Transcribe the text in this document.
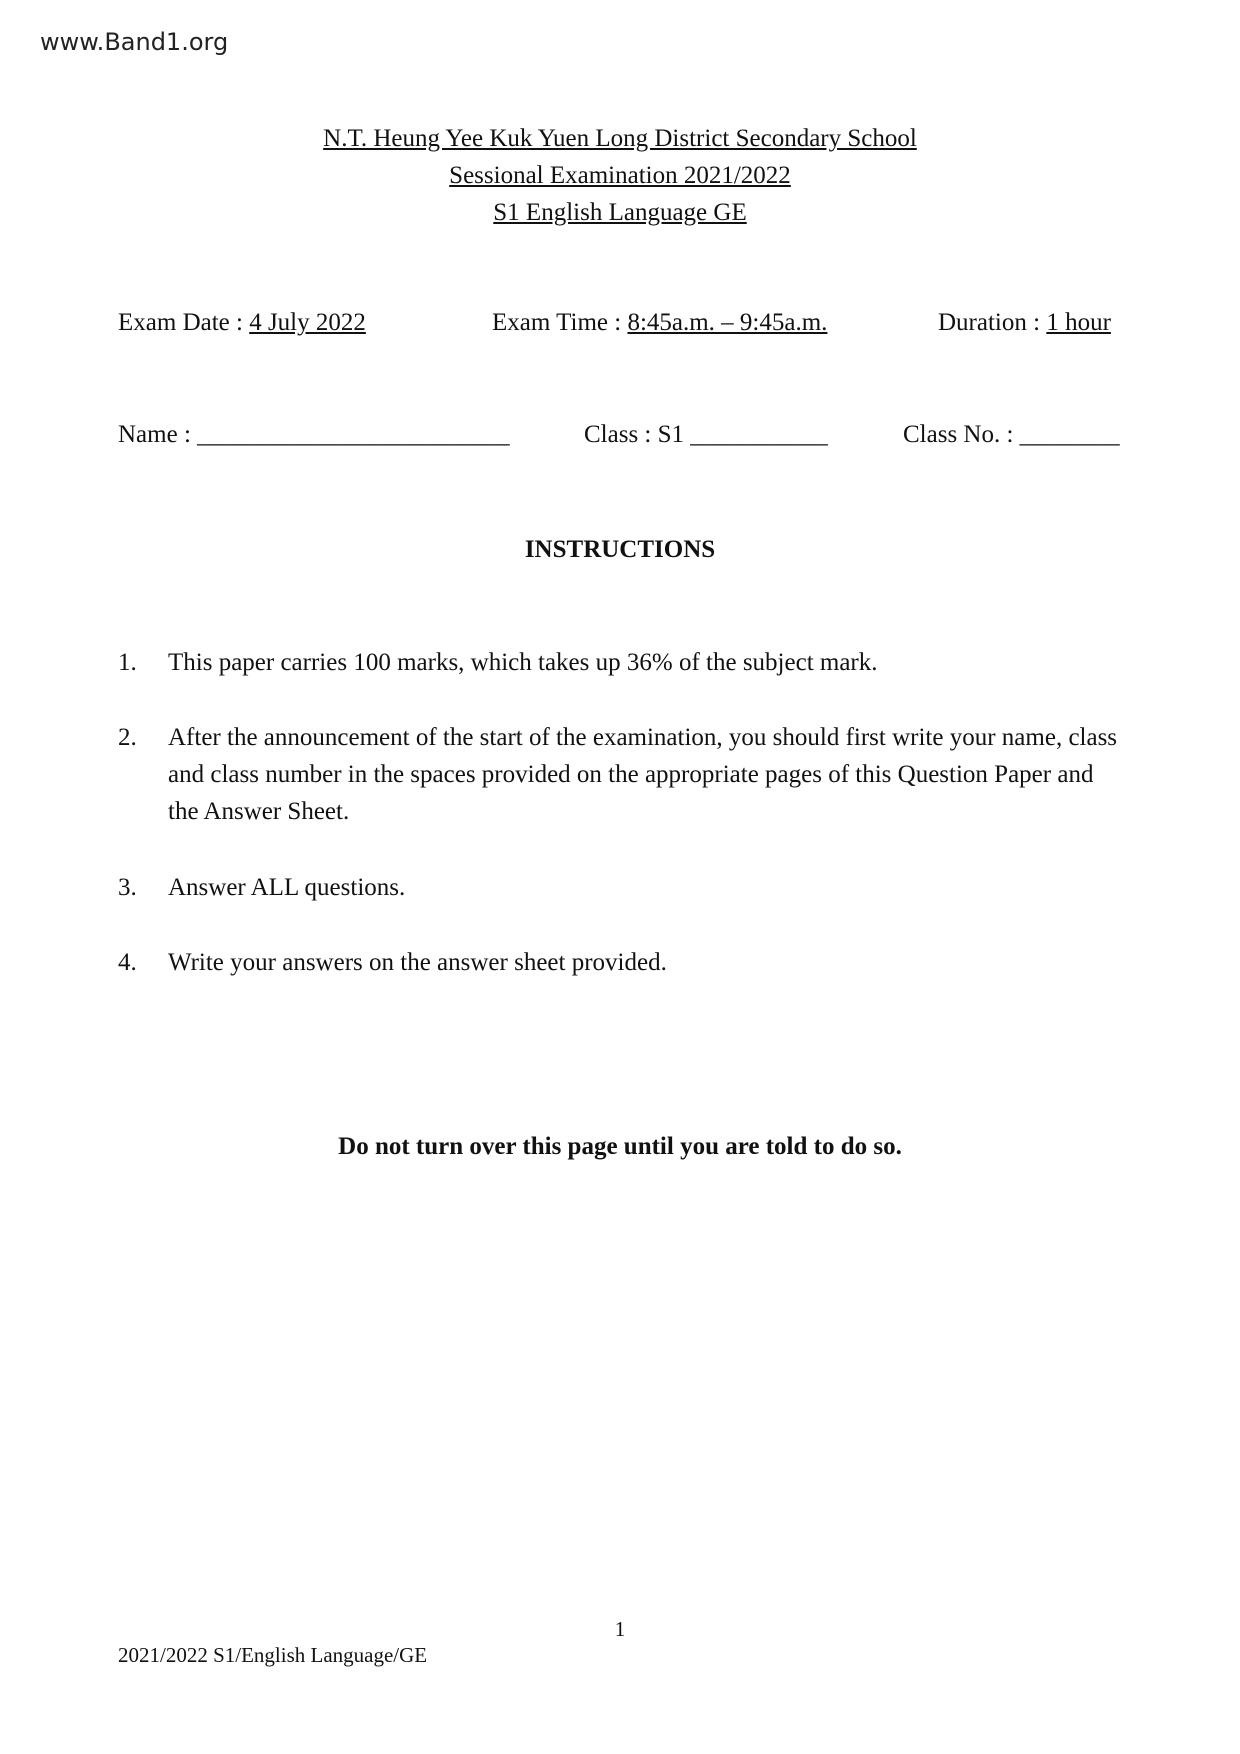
www.Band1.org
N.T. Heung Yee Kuk Yuen Long District Secondary School
Sessional Examination 2021/2022
S1 English Language GE
Exam Date : 4 July 2022	Exam Time : 8:45a.m. – 9:45a.m.	Duration : 1 hour
Name : _________________________	Class : S1 ___________	Class No. : ________
INSTRUCTIONS
1. This paper carries 100 marks, which takes up 36% of the subject mark.
2. After the announcement of the start of the examination, you should first write your name, class and class number in the spaces provided on the appropriate pages of this Question Paper and the Answer Sheet.
3. Answer ALL questions.
4. Write your answers on the answer sheet provided.
Do not turn over this page until you are told to do so.
1
2021/2022 S1/English Language/GE
